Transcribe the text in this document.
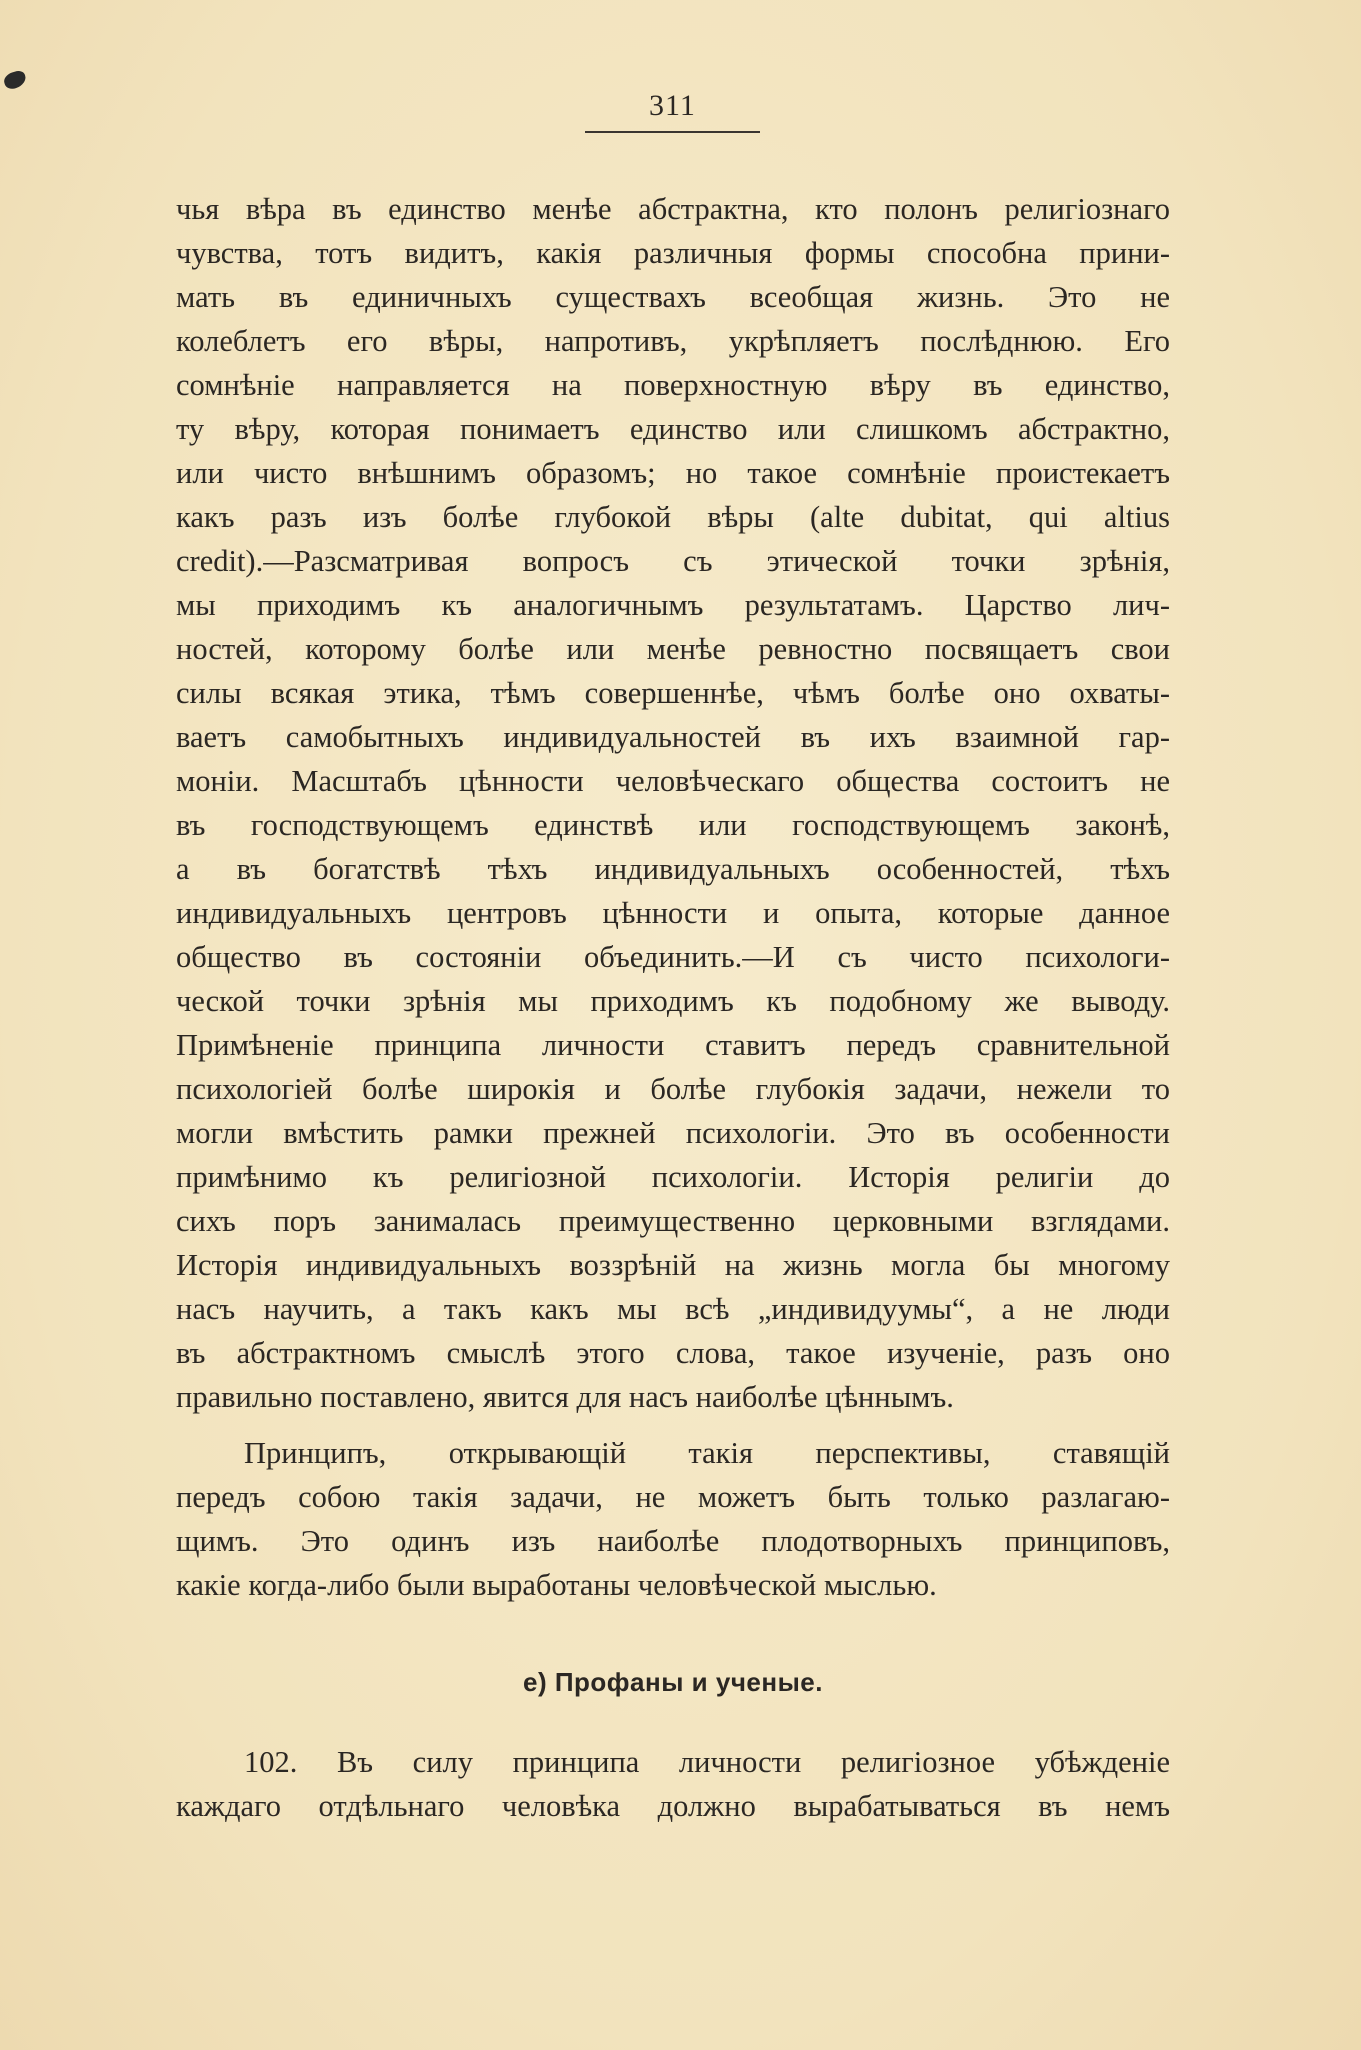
311
чья вѣра въ единство менѣе абстрактна, кто полонъ религіознаго
чувства, тотъ видитъ, какія различныя формы способна прини-
мать въ единичныхъ существахъ всеобщая жизнь. Это не
колеблетъ его вѣры, напротивъ, укрѣпляетъ послѣднюю. Его
сомнѣніе направляется на поверхностную вѣру въ единство,
ту вѣру, которая понимаетъ единство или слишкомъ абстрактно,
или чисто внѣшнимъ образомъ; но такое сомнѣніе проистекаетъ
какъ разъ изъ болѣе глубокой вѣры (alte dubitat, qui altius
credit).—Разсматривая вопросъ съ этической точки зрѣнія,
мы приходимъ къ аналогичнымъ результатамъ. Царство лич-
ностей, которому болѣе или менѣе ревностно посвящаетъ свои
силы всякая этика, тѣмъ совершеннѣе, чѣмъ болѣе оно охваты-
ваетъ самобытныхъ индивидуальностей въ ихъ взаимной гар-
моніи. Масштабъ цѣнности человѣческаго общества состоитъ не
въ господствующемъ единствѣ или господствующемъ законѣ,
а въ богатствѣ тѣхъ индивидуальныхъ особенностей, тѣхъ
индивидуальныхъ центровъ цѣнности и опыта, которые данное
общество въ состояніи объединить.—И съ чисто психологи-
ческой точки зрѣнія мы приходимъ къ подобному же выводу.
Примѣненіе принципа личности ставитъ передъ сравнительной
психологіей болѣе широкія и болѣе глубокія задачи, нежели то
могли вмѣстить рамки прежней психологіи. Это въ особенности
примѣнимо къ религіозной психологіи. Исторія религіи до
сихъ поръ занималась преимущественно церковными взглядами.
Исторія индивидуальныхъ воззрѣній на жизнь могла бы многому
насъ научить, а такъ какъ мы всѣ „индивидуумы“, а не люди
въ абстрактномъ смыслѣ этого слова, такое изученіе, разъ оно
правильно поставлено, явится для насъ наиболѣе цѣннымъ.
Принципъ, открывающій такія перспективы, ставящій
передъ собою такія задачи, не можетъ быть только разлагаю-
щимъ. Это одинъ изъ наиболѣе плодотворныхъ принциповъ,
какіе когда-либо были выработаны человѣческой мыслью.
e) Профаны и ученые.
102. Въ силу принципа личности религіозное убѣжденіе
каждаго отдѣльнаго человѣка должно вырабатываться въ немъ
